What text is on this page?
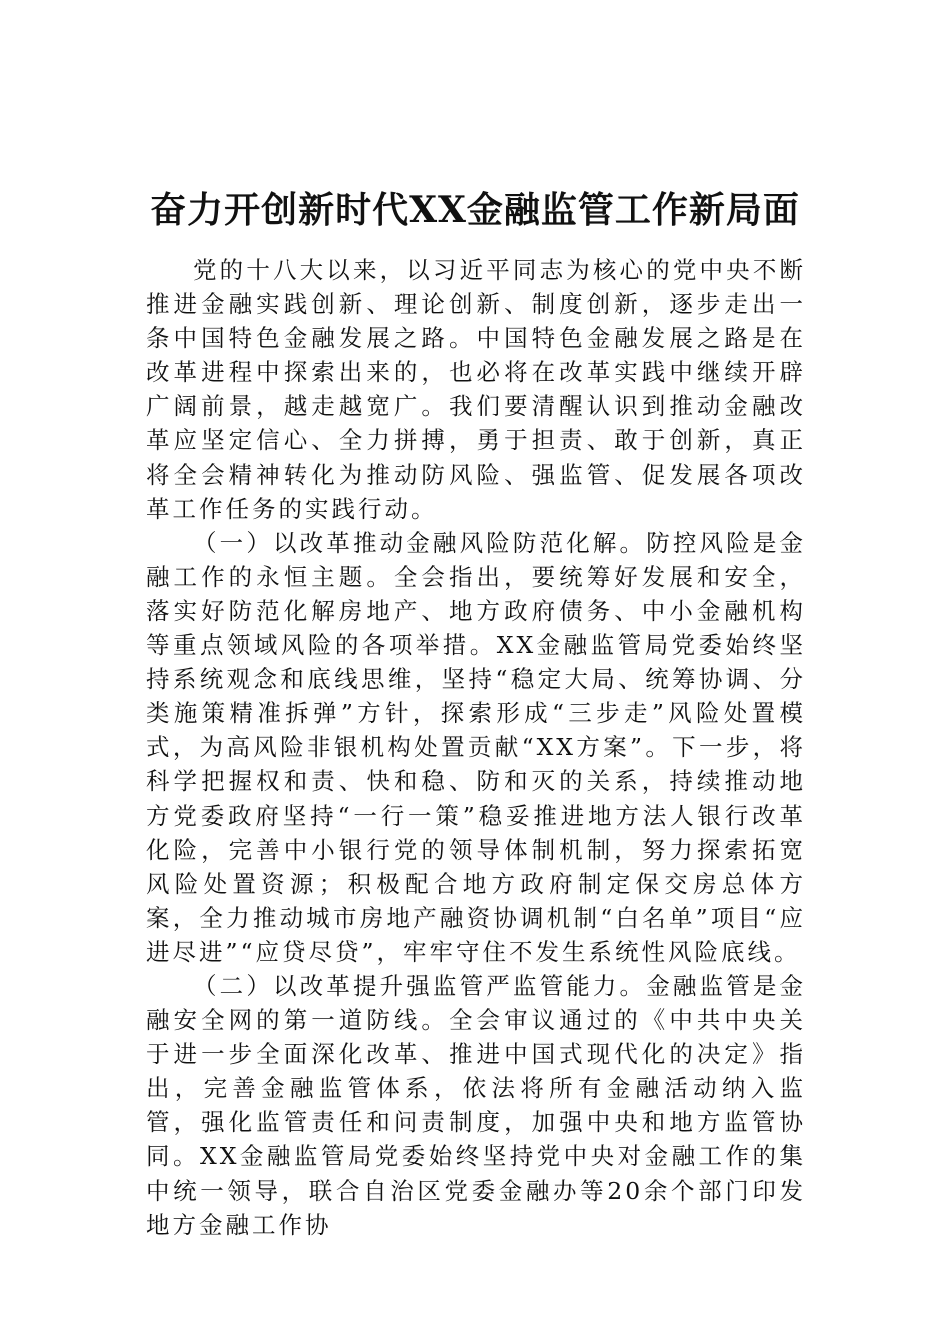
奋力开创新时代XX金融监管工作新局面

党的十八大以来，以习近平同志为核心的党中央不断推进金融实践创新、理论创新、制度创新，逐步走出一条中国特色金融发展之路。中国特色金融发展之路是在改革进程中探索出来的，也必将在改革实践中继续开辟广阔前景，越走越宽广。我们要清醒认识到推动金融改革应坚定信心、全力拼搏，勇于担责、敢于创新，真正将全会精神转化为推动防风险、强监管、促发展各项改革工作任务的实践行动。

（一）以改革推动金融风险防范化解。防控风险是金融工作的永恒主题。全会指出，要统筹好发展和安全，落实好防范化解房地产、地方政府债务、中小金融机构等重点领域风险的各项举措。XX金融监管局党委始终坚持系统观念和底线思维，坚持“稳定大局、统筹协调、分类施策精准拆弹”方针，探索形成“三步走”风险处置模式，为高风险非银机构处置贡献“XX方案”。下一步，将科学把握权和责、快和稳、防和灭的关系，持续推动地方党委政府坚持“一行一策”稳妥推进地方法人银行改革化险，完善中小银行党的领导体制机制，努力探索拓宽风险处置资源；积极配合地方政府制定保交房总体方案，全力推动城市房地产融资协调机制“白名单”项目“应进尽进”“应贷尽贷”，牢牢守住不发生系统性风险底线。

（二）以改革提升强监管严监管能力。金融监管是金融安全网的第一道防线。全会审议通过的《中共中央关于进一步全面深化改革、推进中国式现代化的决定》指出，完善金融监管体系，依法将所有金融活动纳入监管，强化监管责任和问责制度，加强中央和地方监管协同。XX金融监管局党委始终坚持党中央对金融工作的集中统一领导，联合自治区党委金融办等20余个部门印发地方金融工作协
